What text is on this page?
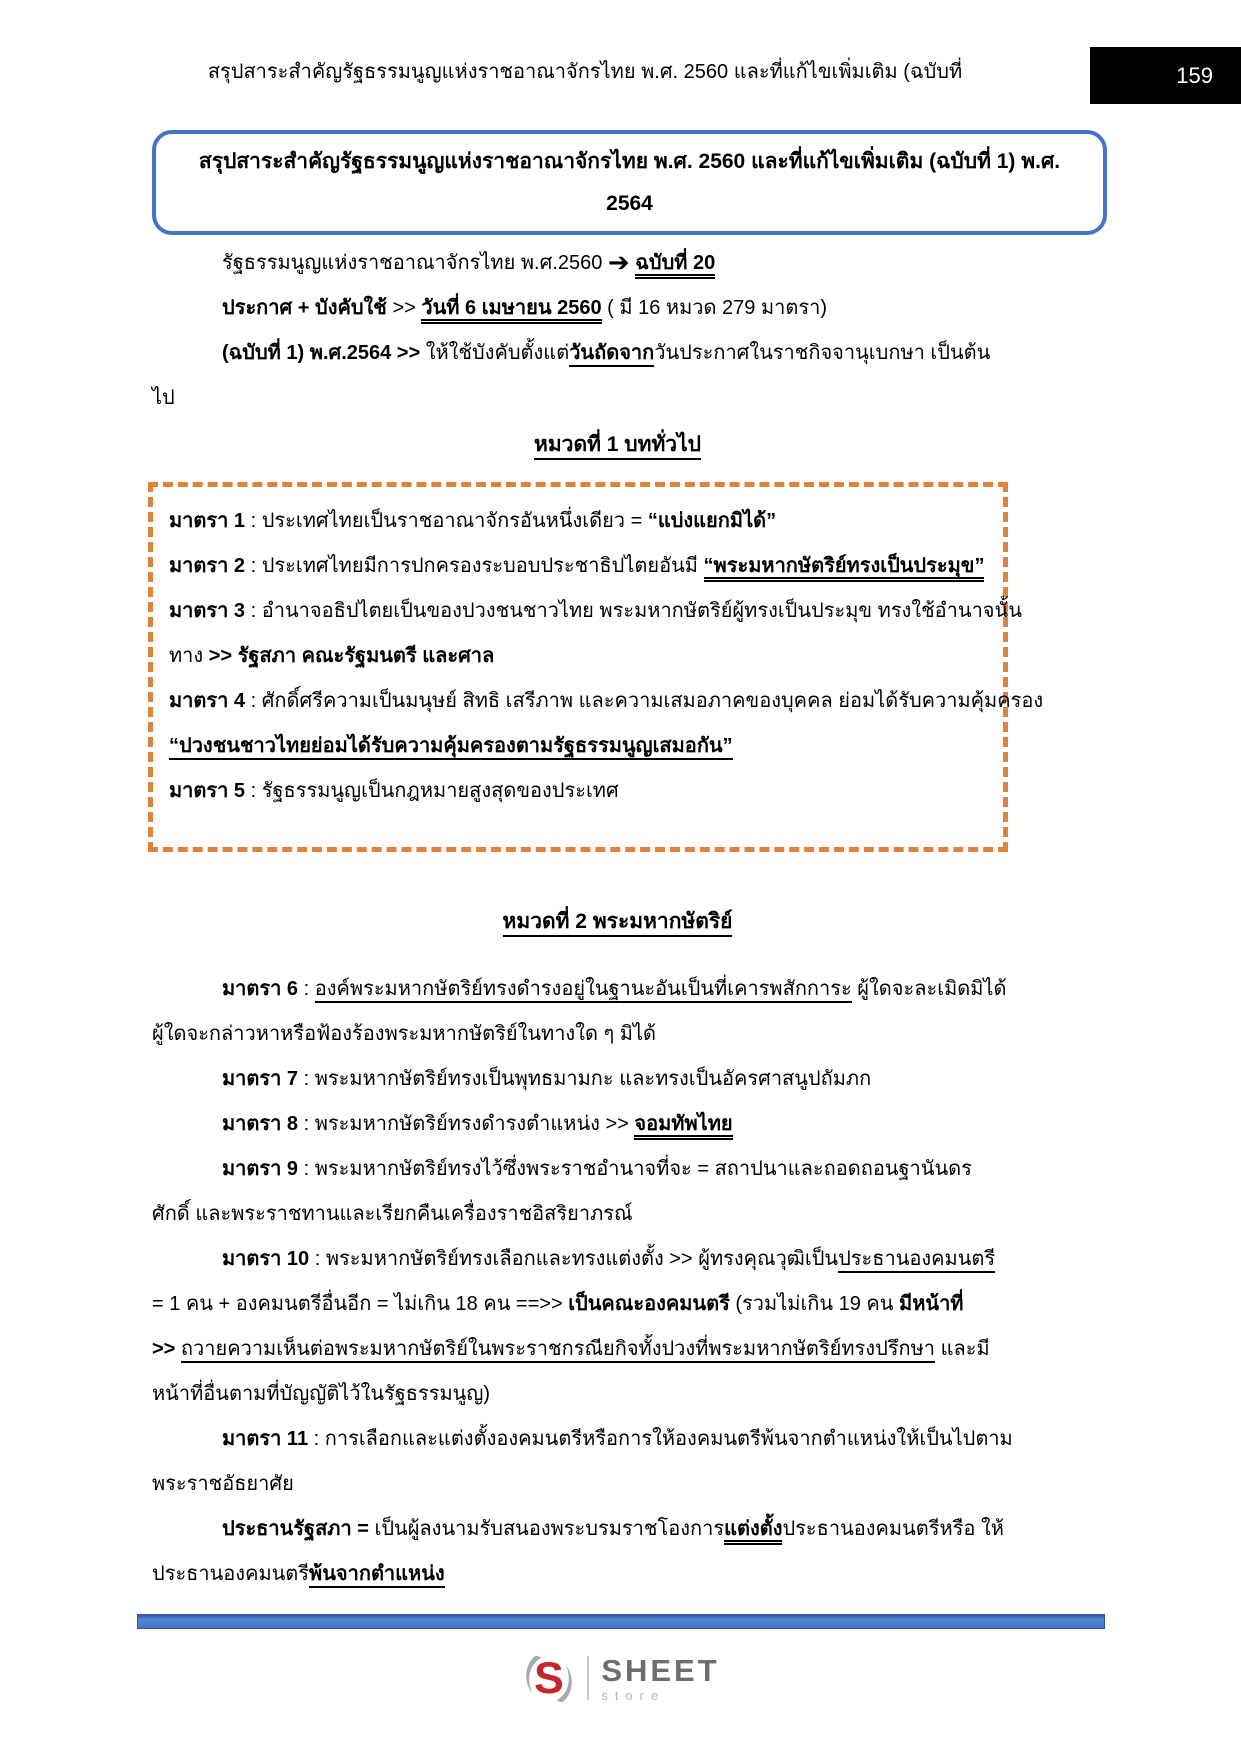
สรุปสาระสำคัญรัฐธรรมนูญแห่งราชอาณาจักรไทย พ.ศ. 2560 และที่แก้ไขเพิ่มเติม (ฉบับที่	159
สรุปสาระสำคัญรัฐธรรมนูญแห่งราชอาณาจักรไทย พ.ศ. 2560 และที่แก้ไขเพิ่มเติม (ฉบับที่ 1) พ.ศ.
2564
รัฐธรรมนูญแห่งราชอาณาจักรไทย พ.ศ.2560 ➔ ฉบับที่ 20
ประกาศ + บังคับใช้ >> วันที่ 6 เมษายน 2560 ( มี 16 หมวด 279 มาตรา)
(ฉบับที่ 1) พ.ศ.2564 >> ให้ใช้บังคับตั้งแต่วันถัดจากวันประกาศในราชกิจจานุเบกษา เป็นต้น
ไป
หมวดที่ 1 บททั่วไป
มาตรา 1 : ประเทศไทยเป็นราชอาณาจักรอันหนึ่งเดียว = “แบ่งแยกมิได้”
มาตรา 2 : ประเทศไทยมีการปกครองระบอบประชาธิปไตยอันมี “พระมหากษัตริย์ทรงเป็นประมุข”
มาตรา 3 : อำนาจอธิปไตยเป็นของปวงชนชาวไทย พระมหากษัตริย์ผู้ทรงเป็นประมุข ทรงใช้อำนาจนั้น
ทาง >> รัฐสภา คณะรัฐมนตรี และศาล
มาตรา 4 : ศักดิ์ศรีความเป็นมนุษย์ สิทธิ เสรีภาพ และความเสมอภาคของบุคคล ย่อมได้รับความคุ้มครอง
“ปวงชนชาวไทยย่อมได้รับความคุ้มครองตามรัฐธรรมนูญเสมอกัน”
มาตรา 5 : รัฐธรรมนูญเป็นกฎหมายสูงสุดของประเทศ
หมวดที่ 2 พระมหากษัตริย์
มาตรา 6 : องค์พระมหากษัตริย์ทรงดำรงอยู่ในฐานะอันเป็นที่เคารพสักการะ ผู้ใดจะละเมิดมิได้
ผู้ใดจะกล่าวหาหรือฟ้องร้องพระมหากษัตริย์ในทางใด ๆ มิได้
มาตรา 7 : พระมหากษัตริย์ทรงเป็นพุทธมามกะ และทรงเป็นอัครศาสนูปถัมภก
มาตรา 8 : พระมหากษัตริย์ทรงดำรงตำแหน่ง >> จอมทัพไทย
มาตรา 9 : พระมหากษัตริย์ทรงไว้ซึ่งพระราชอำนาจที่จะ = สถาปนาและถอดถอนฐานันดร
ศักดิ์ และพระราชทานและเรียกคืนเครื่องราชอิสริยาภรณ์
มาตรา 10 : พระมหากษัตริย์ทรงเลือกและทรงแต่งตั้ง >> ผู้ทรงคุณวุฒิเป็นประธานองคมนตรี
= 1 คน + องคมนตรีอื่นอีก = ไม่เกิน 18 คน ==>> เป็นคณะองคมนตรี (รวมไม่เกิน 19 คน มีหน้าที่
>> ถวายความเห็นต่อพระมหากษัตริย์ในพระราชกรณียกิจทั้งปวงที่พระมหากษัตริย์ทรงปรึกษา และมี
หน้าที่อื่นตามที่บัญญัติไว้ในรัฐธรรมนูญ)
มาตรา 11 : การเลือกและแต่งตั้งองคมนตรีหรือการให้องคมนตรีพ้นจากตำแหน่งให้เป็นไปตาม
พระราชอัธยาศัย
ประธานรัฐสภา = เป็นผู้ลงนามรับสนองพระบรมราชโองการแต่งตั้งประธานองคมนตรีหรือ ให้
ประธานองคมนตรีพ้นจากตำแหน่ง
S SHEET
store
